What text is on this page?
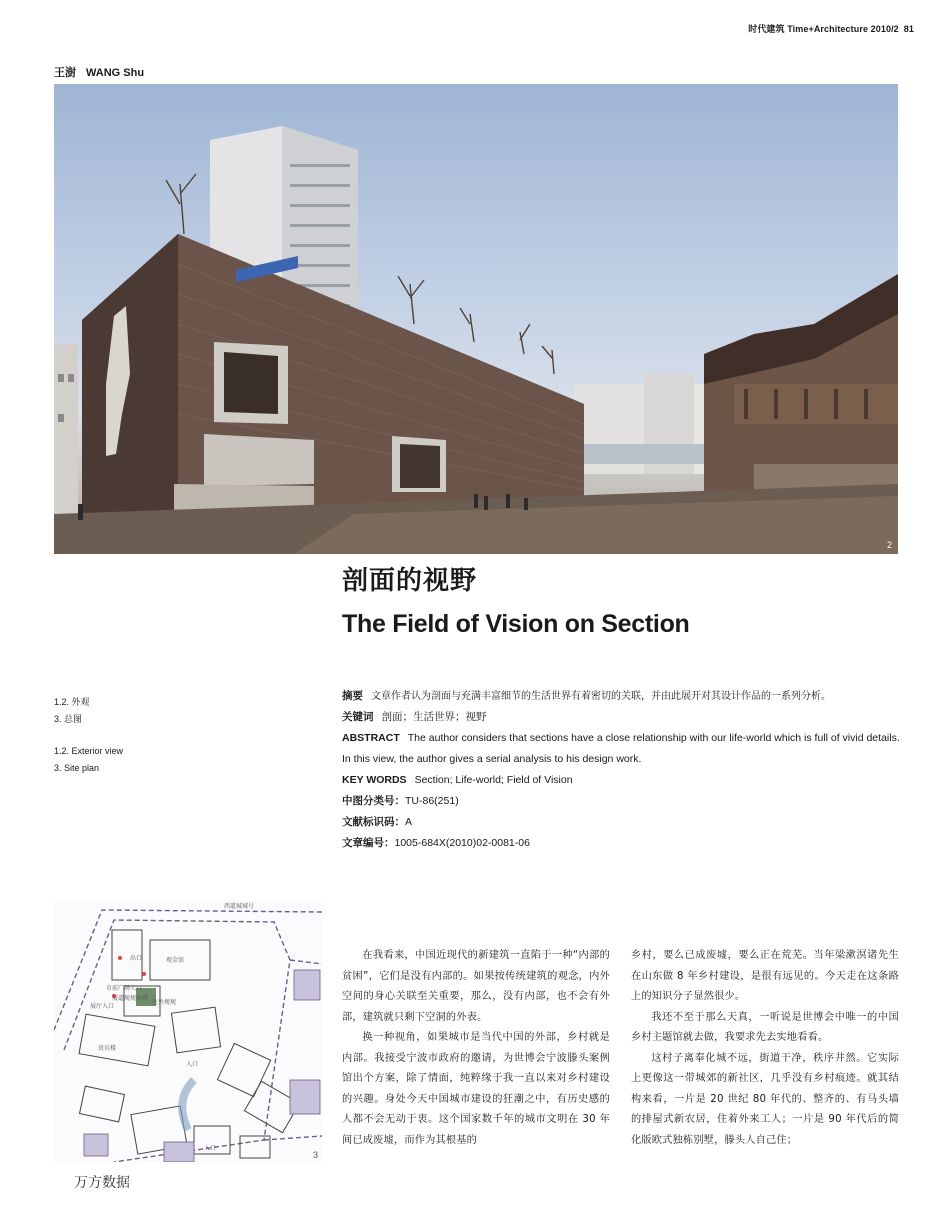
时代建筑 Time+Architecture 2010/2 81
2
王澍 WANG Shu
剖面的视野
The Field of Vision on Section
1.2. 外观
3. 总图
1.2. Exterior view
3. Site plan
摘要 文章作者认为剖面与充满丰富细节的生活世界有着密切的关联，并由此展开对其设计作品的一系列分析。
关键词 剖面；生活世界；视野
ABSTRACT The author considers that sections have a close relationship with our life-world which is full of vivid details. In this view, the author gives a serial analysis to his design work.
KEY WORDS Section; Life-world; Field of Vision
中图分类号：TU-86(251)
文献标识码：A
文章编号：1005-684X(2010)02-0081-06
西道城城号
出口	观金馆
展道规规规规
市前广场人口
室外规规
展厅入口
贵宾楼
入口
入口
3

在我看来，中国近现代的新建筑一直陷于一种“内部的贫困”，它们是没有内部的。如果按传统建筑的观念，内外空间的身心关联至关重要，那么，没有内部，也不会有外部，建筑就只剩下空洞的外表。

换一种视角，如果城市是当代中国的外部，乡村就是内部。我接受宁波市政府的邀请，为世博会宁波滕头案例馆出个方案，除了情面，纯粹缘于我一直以来对乡村建设的兴趣。身处今天中国城市建设的狂潮之中，有历史感的人都不会无动于衷。这个国家数千年的城市文明在 30 年间已成废墟，而作为其根基的

乡村，要么已成废墟，要么正在荒芜。当年梁漱溟诸先生在山东做 8 年乡村建设，是很有远见的。今天走在这条路上的知识分子显然很少。

我还不至于那么天真，一听说是世博会中唯一的中国乡村主题馆就去做，我要求先去实地看看。

这村子离奉化城不远，街道干净，秩序井然。它实际上更像这一带城郊的新社区，几乎没有乡村痕迹。就其结构来看，一片是 20 世纪 80 年代的、整齐的、有马头墙的排屋式新农居，住着外来工人；一片是 90 年代后的简化版欧式独栋别墅，滕头人自己住；

万方数据
